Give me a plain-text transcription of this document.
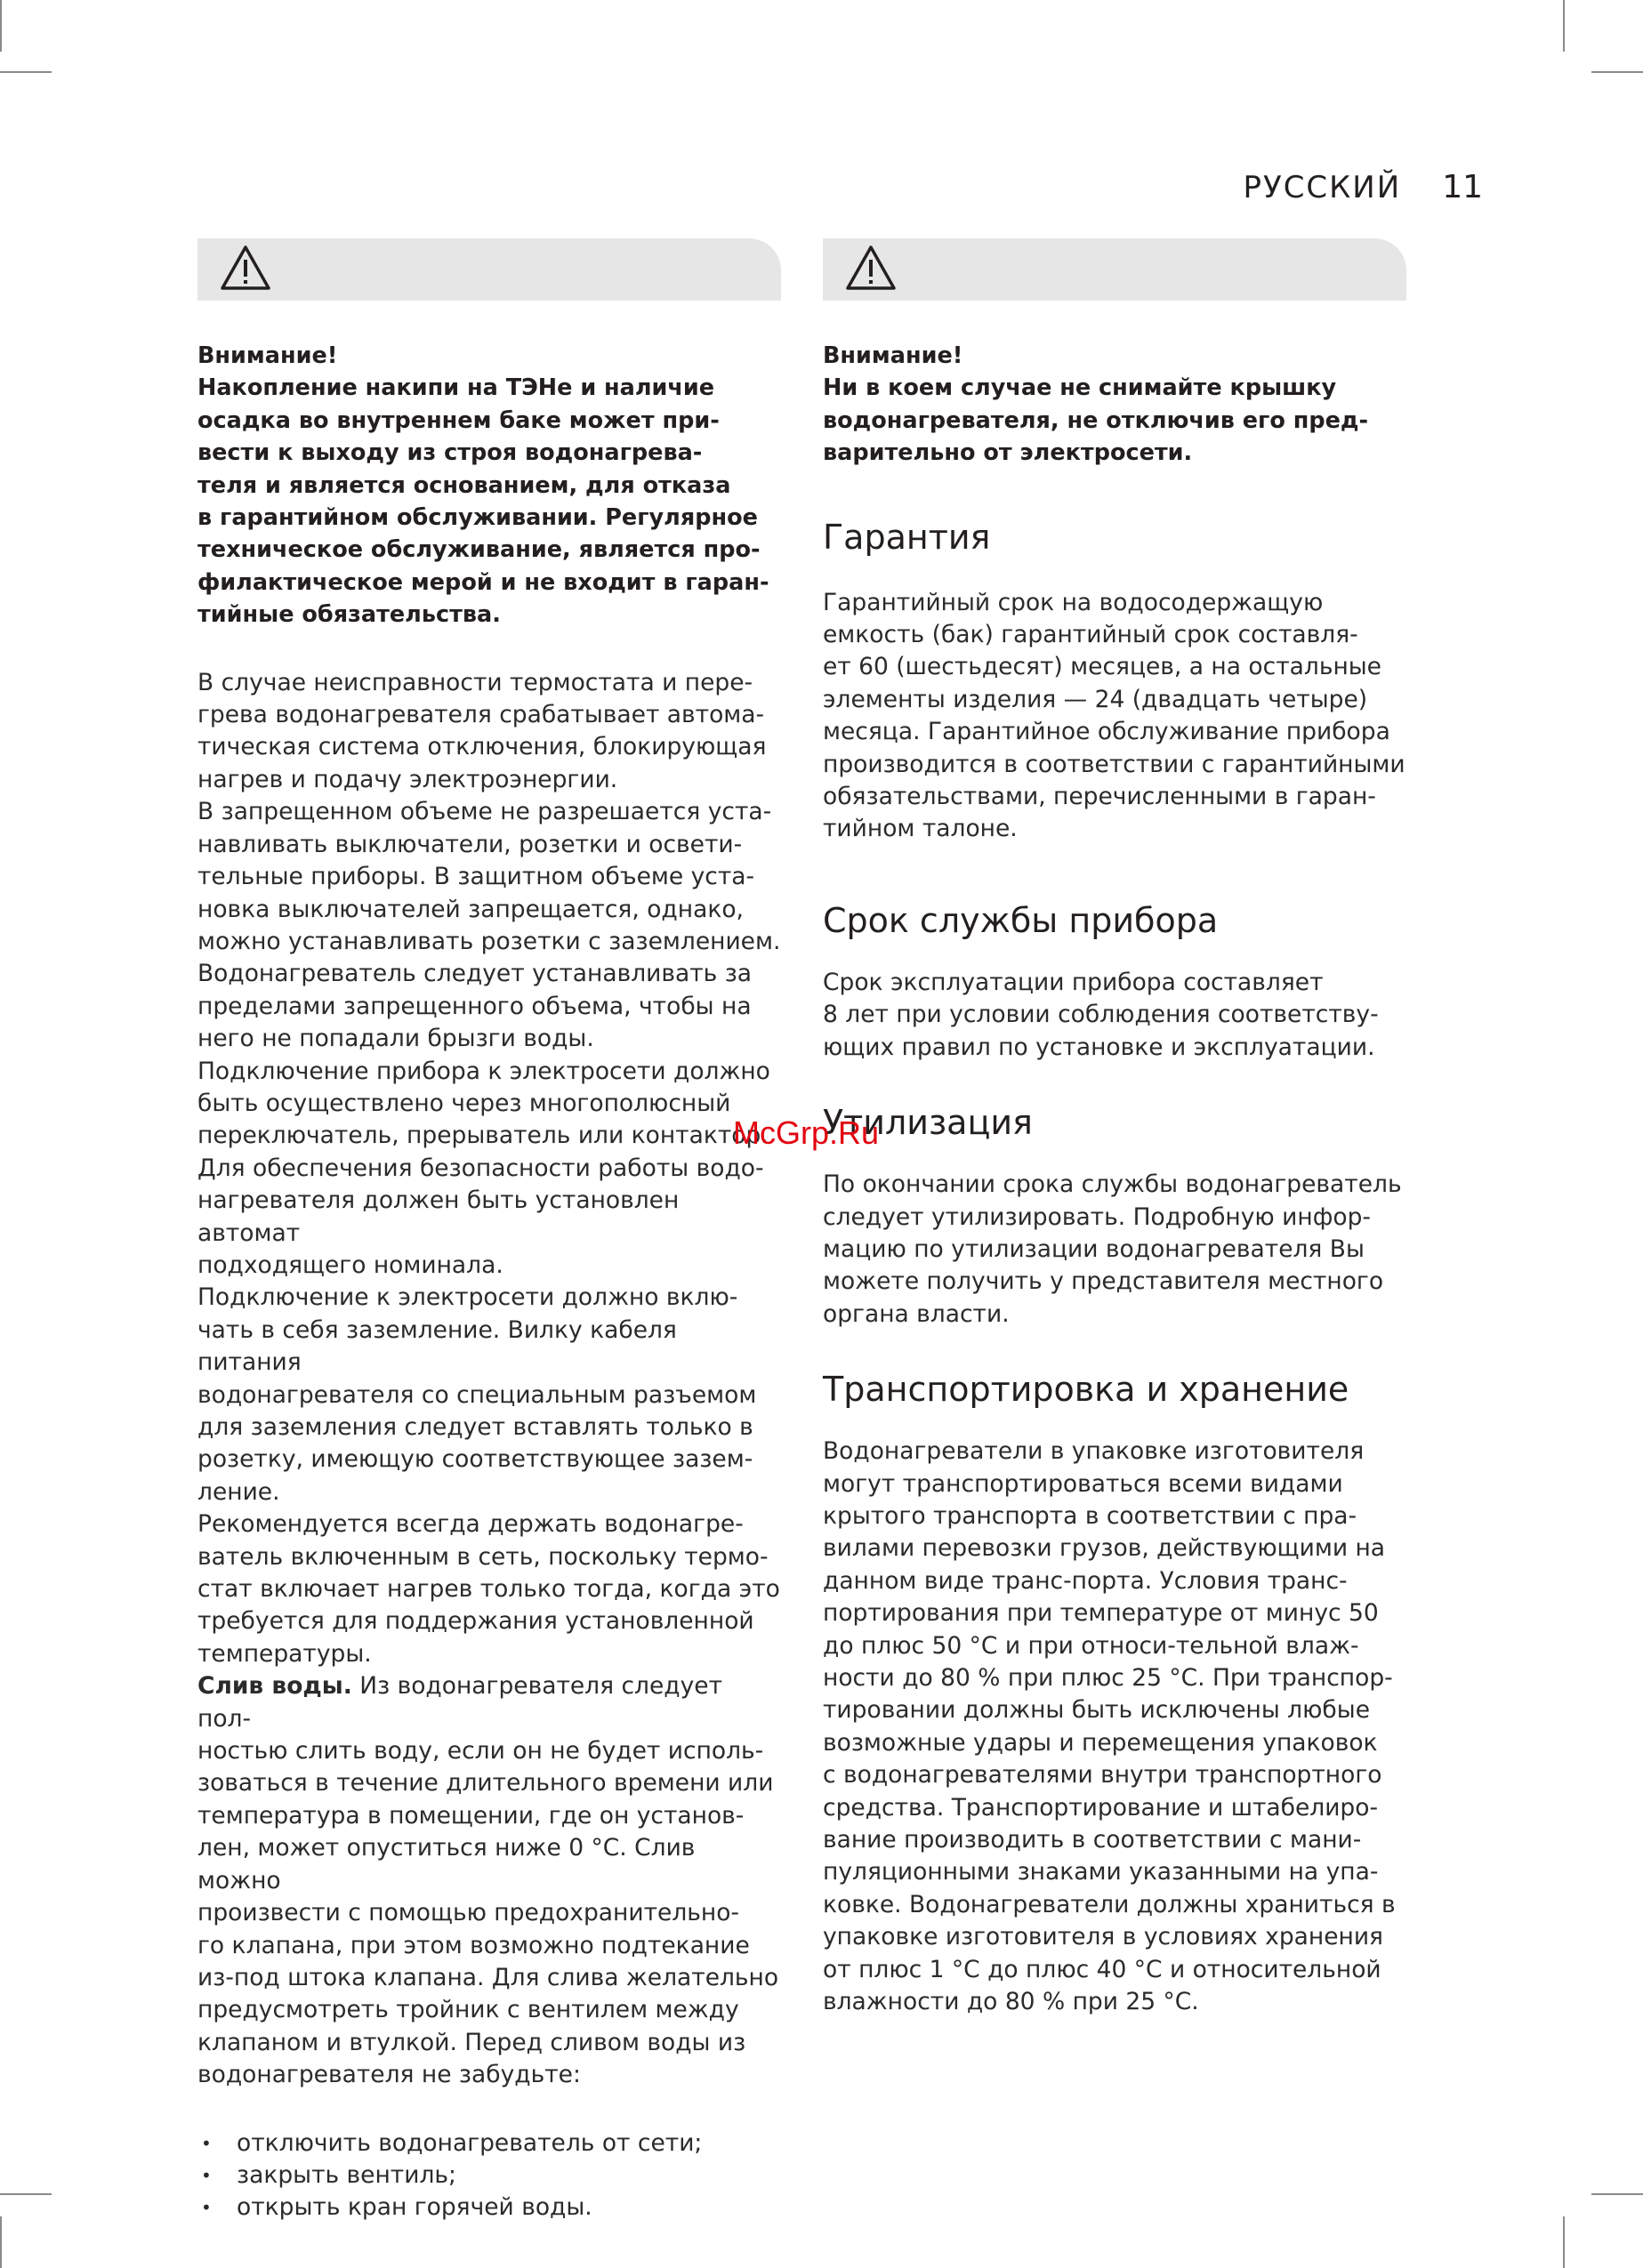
РУССКИЙ 11
Внимание!
Накопление накипи на ТЭНе и наличие
осадка во внутреннем баке может при-
вести к выходу из строя водонагрева-
теля и является основанием, для отказа
в гарантийном обслуживании. Регулярное
техническое обслуживание, является про-
филактическое мерой и не входит в гаран-
тийные обязательства.
В случае неисправности термостата и пере-
грева водонагревателя срабатывает автома-
тическая система отключения, блокирующая
нагрев и подачу электроэнергии.
В запрещенном объеме не разрешается уста-
навливать выключатели, розетки и освети-
тельные приборы. В защитном объеме уста-
новка выключателей запрещается, однако,
можно устанавливать розетки с заземлением.
Водонагреватель следует устанавливать за
пределами запрещенного объема, чтобы на
него не попадали брызги воды.
Подключение прибора к электросети должно
быть осуществлено через многополюсный
переключатель, прерыватель или контактор.
Для обеспечения безопасности работы водо-
нагревателя должен быть установлен автомат
подходящего номинала.
Подключение к электросети должно вклю-
чать в себя заземление. Вилку кабеля питания
водонагревателя со специальным разъемом
для заземления следует вставлять только в
розетку, имеющую соответствующее зазем-
ление.
Рекомендуется всегда держать водонагре-
ватель включенным в сеть, поскольку термо-
стат включает нагрев только тогда, когда это
требуется для поддержания установленной
температуры.
Слив воды. Из водонагревателя следует пол-
ностью слить воду, если он не будет исполь-
зоваться в течение длительного времени или
температура в помещении, где он установ-
лен, может опуститься ниже 0 °C. Слив можно
произвести с помощью предохранительно-
го клапана, при этом возможно подтекание
из-под штока клапана. Для слива желательно
предусмотреть тройник с вентилем между
клапаном и втулкой. Перед сливом воды из
водонагревателя не забудьте:
• отключить водонагреватель от сети;
• закрыть вентиль;
• открыть кран горячей воды.
Внимание!
Ни в коем случае не снимайте крышку
водонагревателя, не отключив его пред-
варительно от электросети.
Гарантия
Гарантийный срок на водосодержащую
емкость (бак) гарантийный срок составля-
ет 60 (шестьдесят) месяцев, а на остальные
элементы изделия — 24 (двадцать четыре)
месяца. Гарантийное обслуживание прибора
производится в соответствии с гарантийными
обязательствами, перечисленными в гаран-
тийном талоне.
Срок службы прибора
Срок эксплуатации прибора составляет
8 лет при условии соблюдения соответству-
ющих правил по установке и эксплуатации.
Утилизация
По окончании срока службы водонагреватель
следует утилизировать. Подробную инфор-
мацию по утилизации водонагревателя Вы
можете получить у представителя местного
органа власти.
Транспортировка и хранение
Водонагреватели в упаковке изготовителя
могут транспортироваться всеми видами
крытого транспорта в соответствии с пра-
вилами перевозки грузов, действующими на
данном виде транс-порта. Условия транс-
портирования при температуре от минус 50
до плюс 50 °C и при относи-тельной влаж-
ности до 80 % при плюс 25 °C. При транспор-
тировании должны быть исключены любые
возможные удары и перемещения упаковок
с водонагревателями внутри транспортного
средства. Транспортирование и штабелиро-
вание производить в соответствии с мани-
пуляционными знаками указанными на упа-
ковке. Водонагреватели должны храниться в
упаковке изготовителя в условиях хранения
от плюс 1 °C до плюс 40 °C и относительной
влажности до 80 % при 25 °C.
McGrp.Ru
